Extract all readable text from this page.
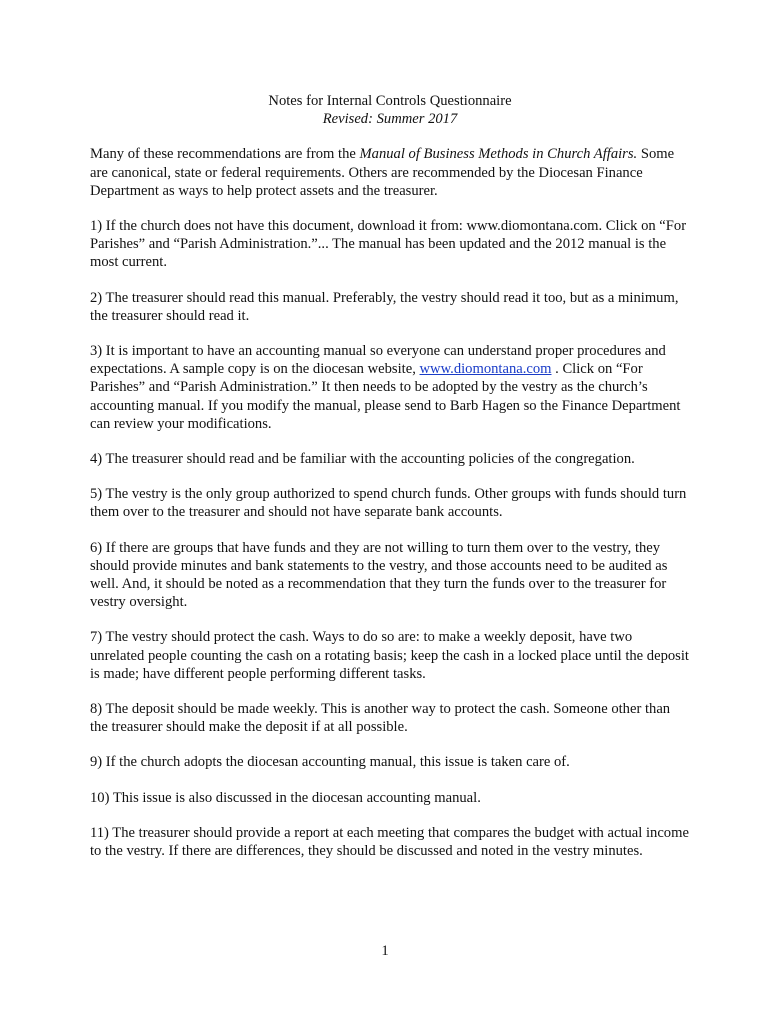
Notes for Internal Controls Questionnaire

Revised: Summer 2017

Many of these recommendations are from the Manual of Business Methods in Church Affairs. Some are canonical, state or federal requirements. Others are recommended by the Diocesan Finance Department as ways to help protect assets and the treasurer.

1) If the church does not have this document, download it from: www.diomontana.com. Click on “For Parishes” and “Parish Administration.”... The manual has been updated and the 2012 manual is the most current.

2) The treasurer should read this manual. Preferably, the vestry should read it too, but as a minimum, the treasurer should read it.

3) It is important to have an accounting manual so everyone can understand proper procedures and expectations. A sample copy is on the diocesan website, www.diomontana.com . Click on “For Parishes” and “Parish Administration.” It then needs to be adopted by the vestry as the church’s accounting manual. If you modify the manual, please send to Barb Hagen so the Finance Department can review your modifications.

4) The treasurer should read and be familiar with the accounting policies of the congregation.

5) The vestry is the only group authorized to spend church funds. Other groups with funds should turn them over to the treasurer and should not have separate bank accounts.

6) If there are groups that have funds and they are not willing to turn them over to the vestry, they should provide minutes and bank statements to the vestry, and those accounts need to be audited as well. And, it should be noted as a recommendation that they turn the funds over to the treasurer for vestry oversight.

7) The vestry should protect the cash. Ways to do so are: to make a weekly deposit, have two unrelated people counting the cash on a rotating basis; keep the cash in a locked place until the deposit is made; have different people performing different tasks.

8) The deposit should be made weekly. This is another way to protect the cash. Someone other than the treasurer should make the deposit if at all possible.

9) If the church adopts the diocesan accounting manual, this issue is taken care of.

10) This issue is also discussed in the diocesan accounting manual.

11) The treasurer should provide a report at each meeting that compares the budget with actual income to the vestry. If there are differences, they should be discussed and noted in the vestry minutes.

1
